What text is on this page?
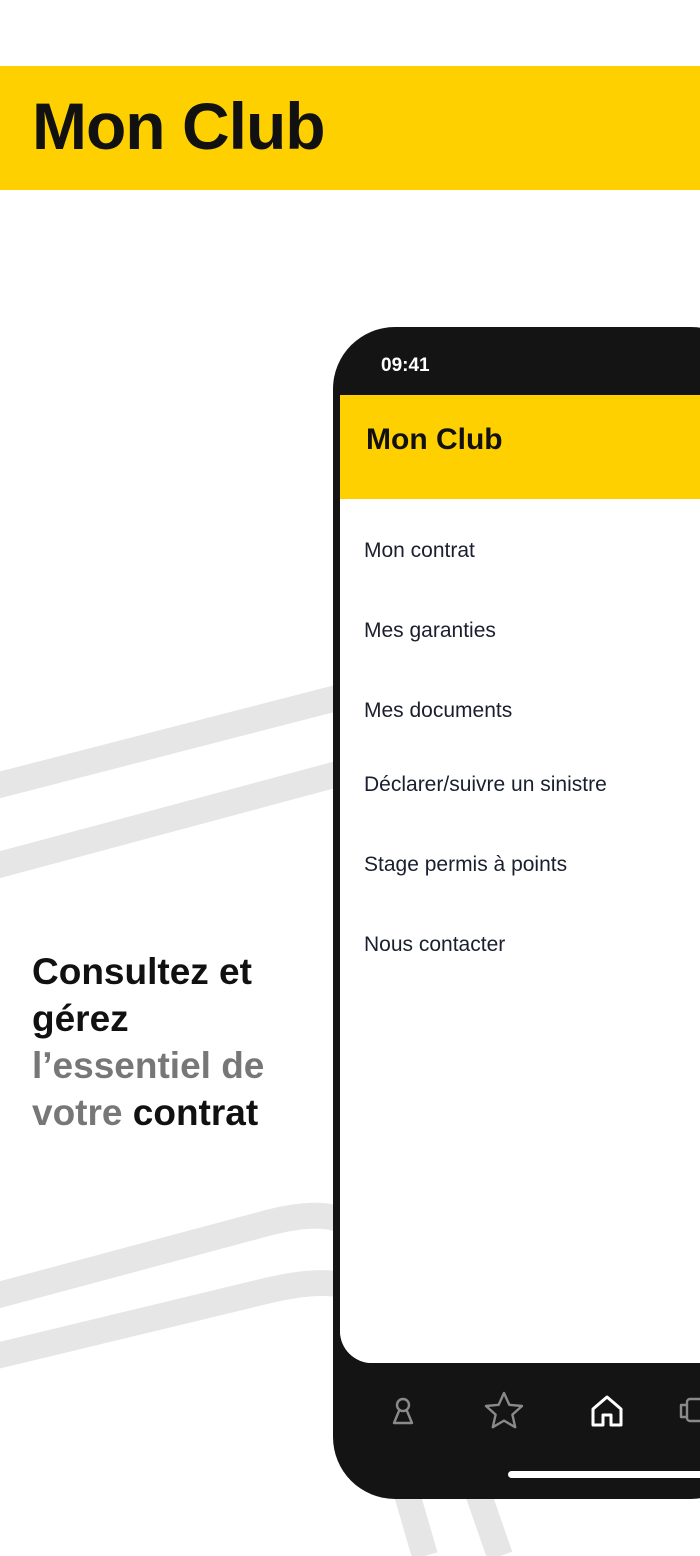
Mon Club
Consultez et
gérez
l’essentiel de
votre contrat
09:41
Mon Club
Mon contrat
Mes garanties
Mes documents
Déclarer/suivre un sinistre
Stage permis à points
Nous contacter
